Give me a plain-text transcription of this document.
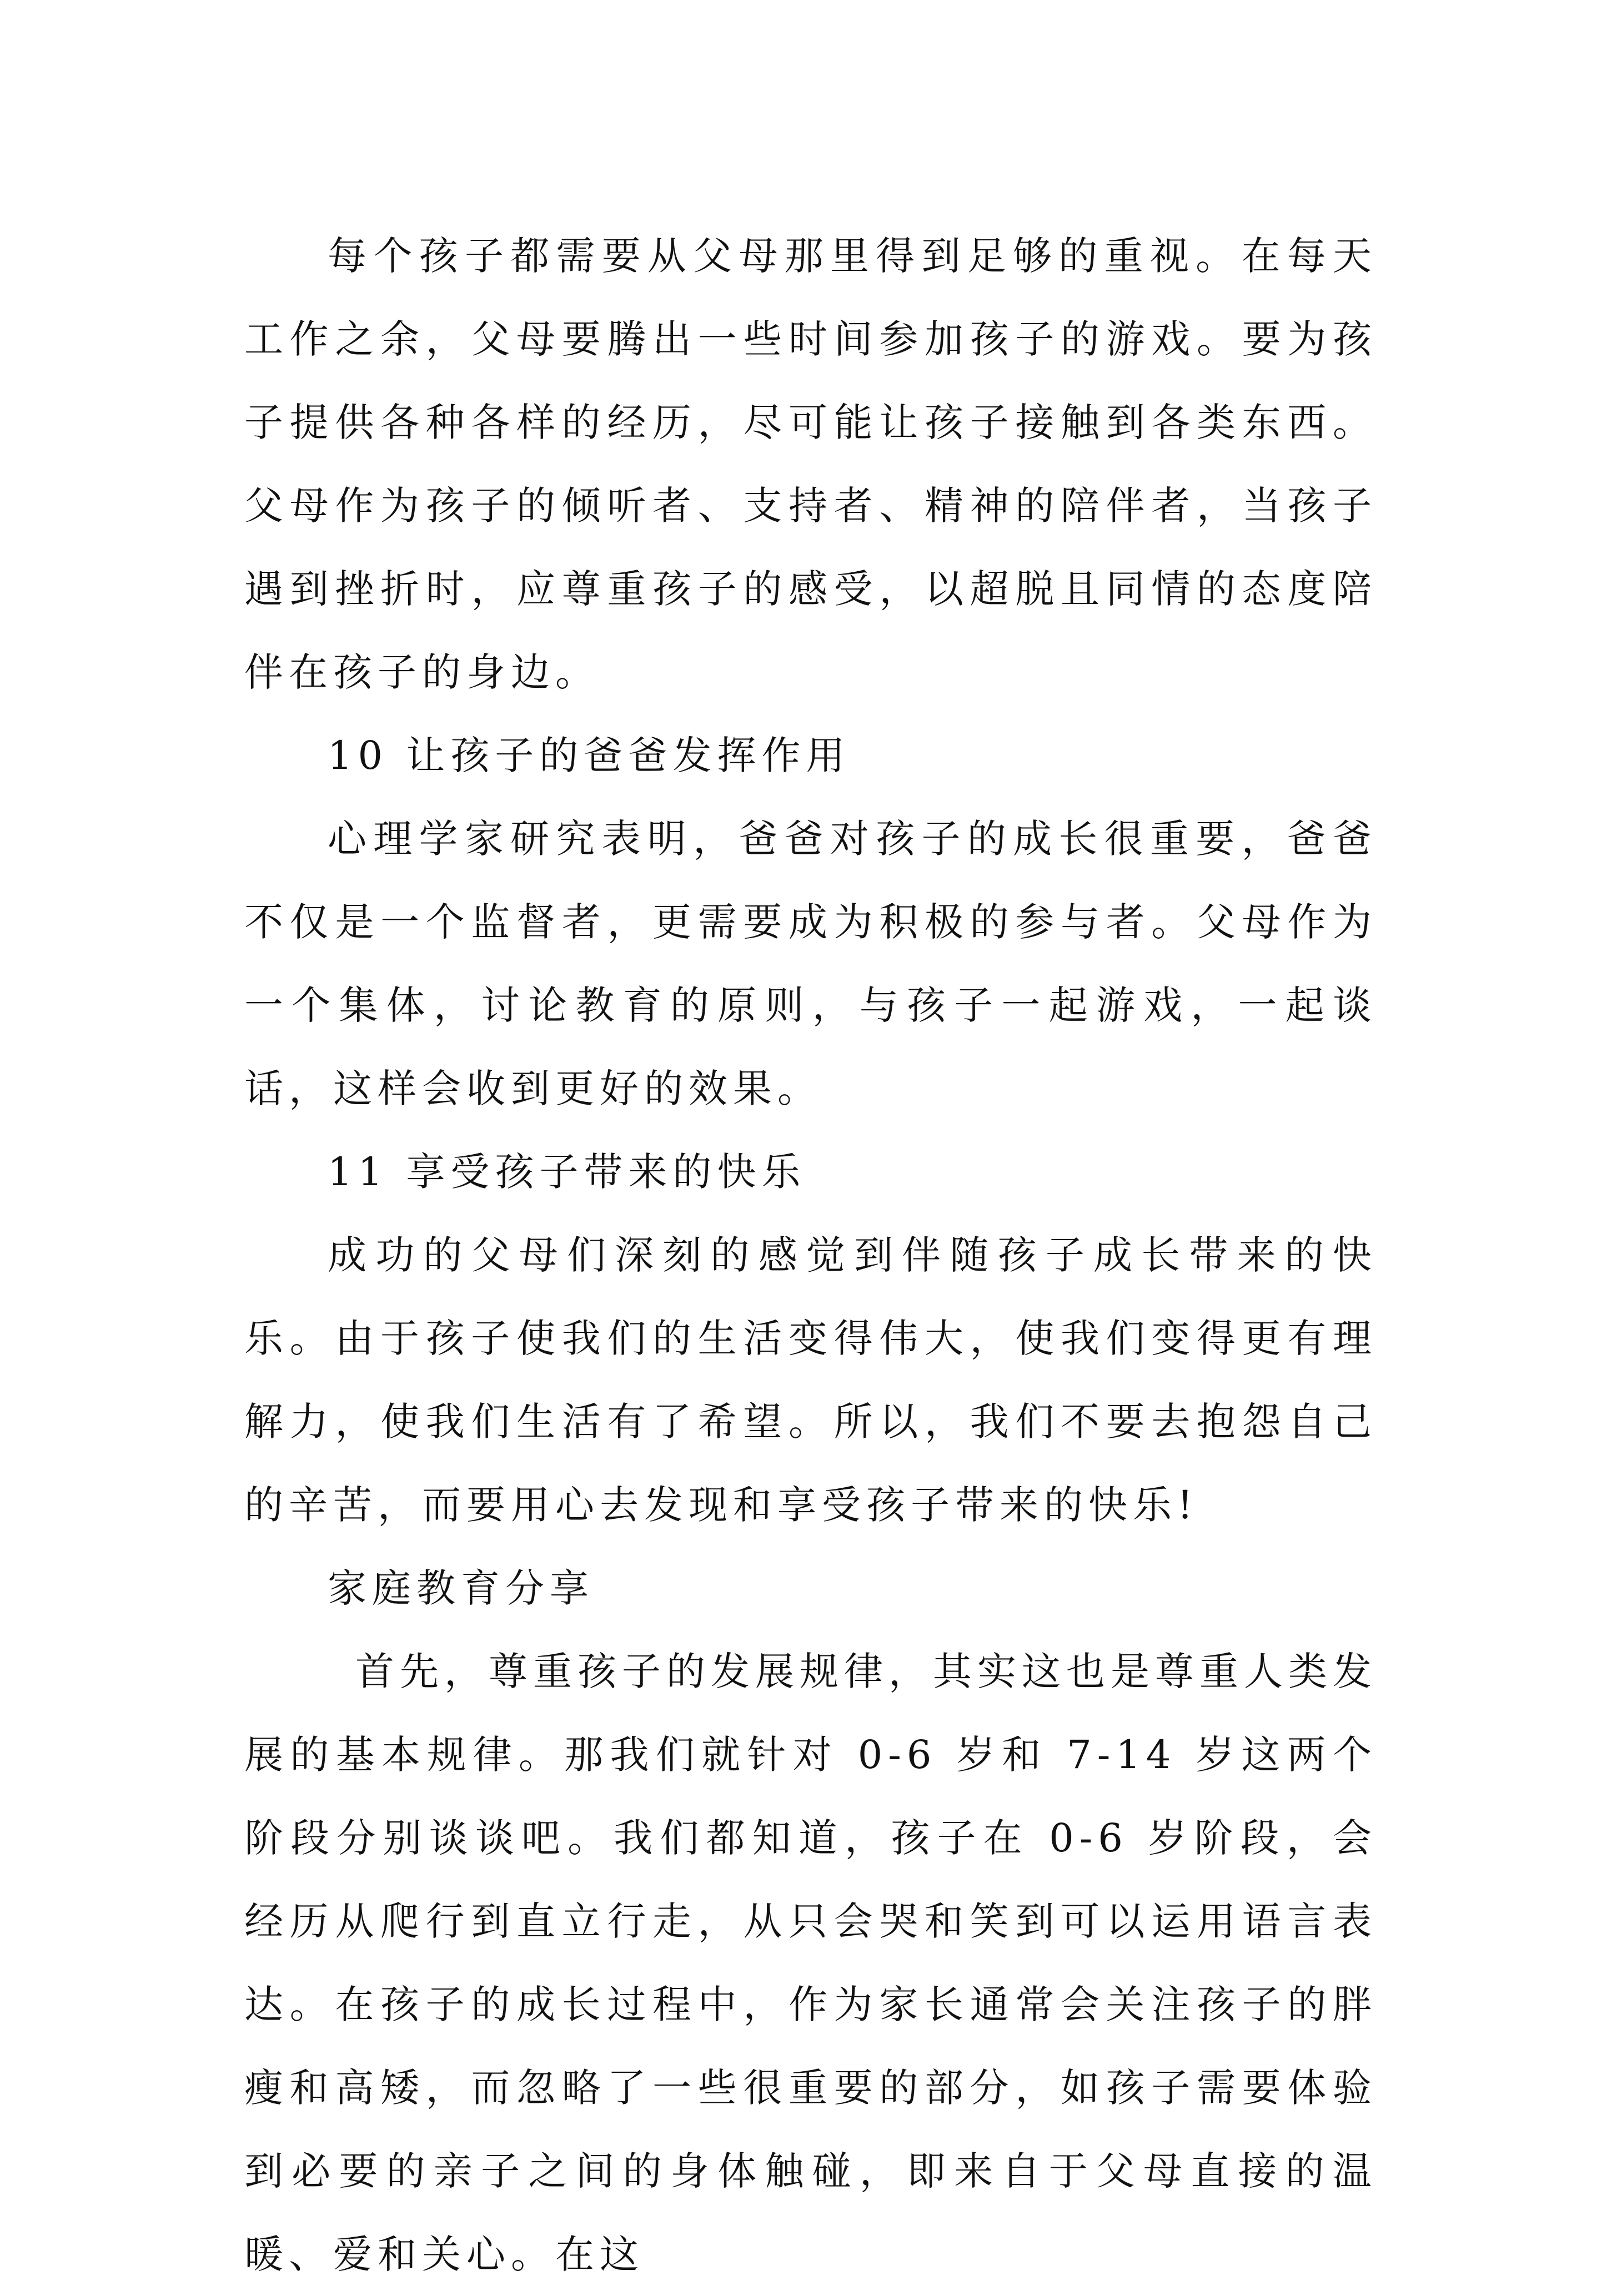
每个孩子都需要从父母那里得到足够的重视。在每天工作之余，父母要腾出一些时间参加孩子的游戏。要为孩子提供各种各样的经历，尽可能让孩子接触到各类东西。父母作为孩子的倾听者、支持者、精神的陪伴者，当孩子遇到挫折时，应尊重孩子的感受，以超脱且同情的态度陪伴在孩子的身边。

10 让孩子的爸爸发挥作用

心理学家研究表明，爸爸对孩子的成长很重要，爸爸不仅是一个监督者，更需要成为积极的参与者。父母作为一个集体，讨论教育的原则，与孩子一起游戏，一起谈话，这样会收到更好的效果。

11 享受孩子带来的快乐

成功的父母们深刻的感觉到伴随孩子成长带来的快乐。由于孩子使我们的生活变得伟大，使我们变得更有理解力，使我们生活有了希望。所以，我们不要去抱怨自己的辛苦，而要用心去发现和享受孩子带来的快乐!

家庭教育分享

首先，尊重孩子的发展规律，其实这也是尊重人类发展的基本规律。那我们就针对 0-6 岁和 7-14 岁这两个阶段分别谈谈吧。我们都知道，孩子在 0-6 岁阶段，会经历从爬行到直立行走，从只会哭和笑到可以运用语言表达。在孩子的成长过程中，作为家长通常会关注孩子的胖瘦和高矮，而忽略了一些很重要的部分，如孩子需要体验到必要的亲子之间的身体触碰，即来自于父母直接的温暖、爱和关心。在这
